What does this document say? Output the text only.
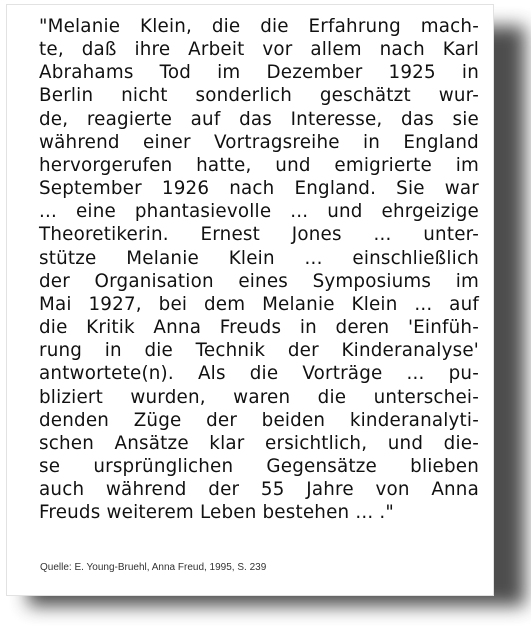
"Melanie Klein, die die Erfahrung mach-
te, daß ihre Arbeit vor allem nach Karl
Abrahams Tod im Dezember 1925 in
Berlin nicht sonderlich geschätzt wur-
de, reagierte auf das Interesse, das sie
während einer Vortragsreihe in England
hervorgerufen hatte, und emigrierte im
September 1926 nach England. Sie war
... eine phantasievolle ... und ehrgeizige
Theoretikerin. Ernest Jones ... unter-
stütze Melanie Klein ... einschließlich
der Organisation eines Symposiums im
Mai 1927, bei dem Melanie Klein ... auf
die Kritik Anna Freuds in deren 'Einfüh-
rung in die Technik der Kinderanalyse'
antwortete(n). Als die Vorträge ... pu-
bliziert wurden, waren die unterschei-
denden Züge der beiden kinderanalyti-
schen Ansätze klar ersichtlich, und die-
se ursprünglichen Gegensätze blieben
auch während der 55 Jahre von Anna
Freuds weiterem Leben bestehen ... ."

Quelle: E. Young-Bruehl, Anna Freud, 1995, S. 239
